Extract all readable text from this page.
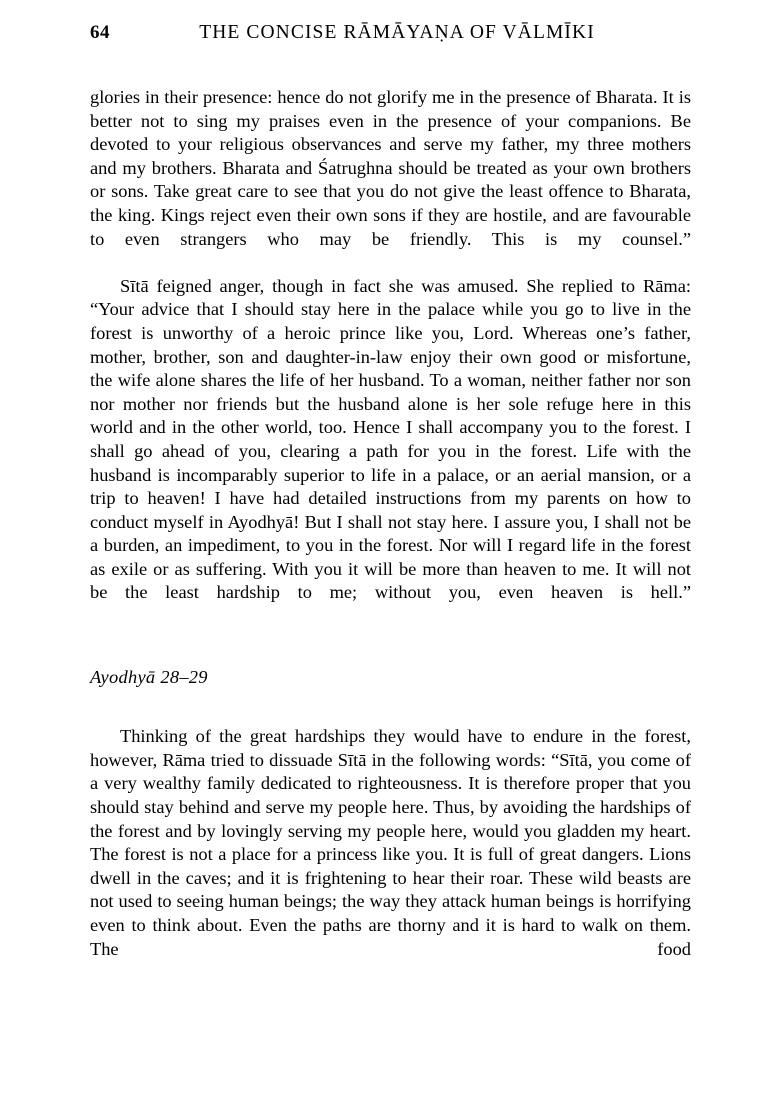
64	THE CONCISE RĀMĀYAṆA OF VĀLMĪKI

glories in their presence: hence do not glorify me in the presence of Bharata. It is better not to sing my praises even in the presence of your companions. Be devoted to your religious observances and serve my father, my three mothers and my brothers. Bharata and Śatrughna should be treated as your own brothers or sons. Take great care to see that you do not give the least offence to Bharata, the king. Kings reject even their own sons if they are hostile, and are favourable to even strangers who may be friendly. This is my counsel.”

Sītā feigned anger, though in fact she was amused. She replied to Rāma: “Your advice that I should stay here in the palace while you go to live in the forest is unworthy of a heroic prince like you, Lord. Whereas one’s father, mother, brother, son and daughter-in-law enjoy their own good or misfortune, the wife alone shares the life of her husband. To a woman, neither father nor son nor mother nor friends but the husband alone is her sole refuge here in this world and in the other world, too. Hence I shall accompany you to the forest. I shall go ahead of you, clearing a path for you in the forest. Life with the husband is incomparably superior to life in a palace, or an aerial mansion, or a trip to heaven! I have had detailed instructions from my parents on how to conduct myself in Ayodhyā! But I shall not stay here. I assure you, I shall not be a burden, an impediment, to you in the forest. Nor will I regard life in the forest as exile or as suffering. With you it will be more than heaven to me. It will not be the least hardship to me; without you, even heaven is hell.”

Ayodhyā 28–29

Thinking of the great hardships they would have to endure in the forest, however, Rāma tried to dissuade Sītā in the following words: “Sītā, you come of a very wealthy family dedicated to righteousness. It is therefore proper that you should stay behind and serve my people here. Thus, by avoiding the hardships of the forest and by lovingly serving my people here, would you gladden my heart. The forest is not a place for a princess like you. It is full of great dangers. Lions dwell in the caves; and it is frightening to hear their roar. These wild beasts are not used to seeing human beings; the way they attack human beings is horrifying even to think about. Even the paths are thorny and it is hard to walk on them. The food
